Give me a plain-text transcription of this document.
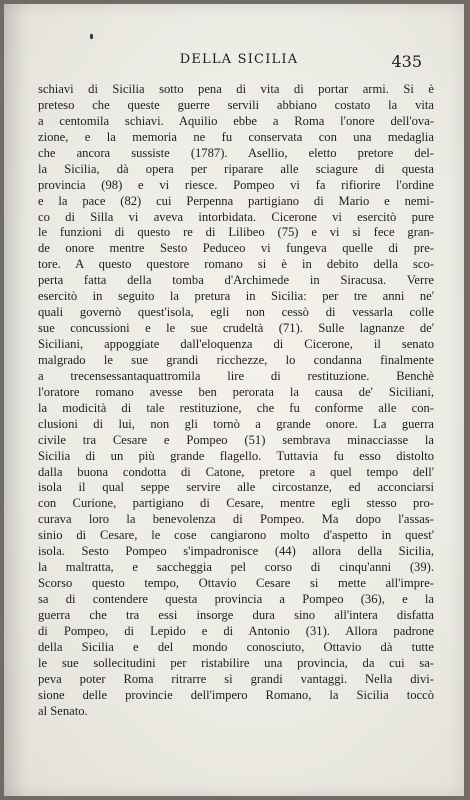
DELLA SICILIA	435
schiavi di Sicilia sotto pena di vita di portar armi. Si è
preteso che queste guerre servili abbiano costato la vita
a centomila schiavi. Aquilio ebbe a Roma l'onore dell'ova-
zione, e la memoria ne fu conservata con una medaglia
che ancora sussiste (1787). Asellio, eletto pretore del-
la Sicilia, dà opera per riparare alle sciagure di questa
provincia (98) e vi riesce. Pompeo vi fa rifiorire l'ordine
e la pace (82) cui Perpenna partigiano di Mario e nemi-
co di Silla vi aveva intorbidata. Cicerone vi esercitò pure
le funzioni di questo re di Lilibeo (75) e vi si fece gran-
de onore mentre Sesto Peduceo vi fungeva quelle di pre-
tore. A questo questore romano si è in debito della sco-
perta fatta della tomba d'Archimede in Siracusa. Verre
esercitò in seguito la pretura in Sicilia: per tre anni ne'
quali governò quest'isola, egli non cessò di vessarla colle
sue concussioni e le sue crudeltà (71). Sulle lagnanze de'
Siciliani, appoggiate dall'eloquenza di Cicerone, il senato
malgrado le sue grandi ricchezze, lo condanna finalmente
a trecensessantaquattromila lire di restituzione. Benchè
l'oratore romano avesse ben perorata la causa de' Siciliani,
la modicità di tale restituzione, che fu conforme alle con-
clusioni di lui, non gli tornò a grande onore. La guerra
civile tra Cesare e Pompeo (51) sembrava minacciasse la
Sicilia di un più grande flagello. Tuttavia fu esso distolto
dalla buona condotta di Catone, pretore a quel tempo dell'
isola il qual seppe servire alle circostanze, ed acconciarsi
con Curione, partigiano di Cesare, mentre egli stesso pro-
curava loro la benevolenza di Pompeo. Ma dopo l'assas-
sinio di Cesare, le cose cangiarono molto d'aspetto in quest'
isola. Sesto Pompeo s'impadronisce (44) allora della Sicilia,
la maltratta, e saccheggia pel corso di cinqu'anni (39).
Scorso questo tempo, Ottavio Cesare si mette all'impre-
sa di contendere questa provincia a Pompeo (36), e la
guerra che tra essi insorge dura sino all'intera disfatta
di Pompeo, di Lepido e di Antonio (31). Allora padrone
della Sicilia e del mondo conosciuto, Ottavio dà tutte
le sue sollecitudini per ristabilire una provincia, da cui sa-
peva poter Roma ritrarre sì grandi vantaggi. Nella divi-
sione delle provincie dell'impero Romano, la Sicilia toccò
al Senato.
